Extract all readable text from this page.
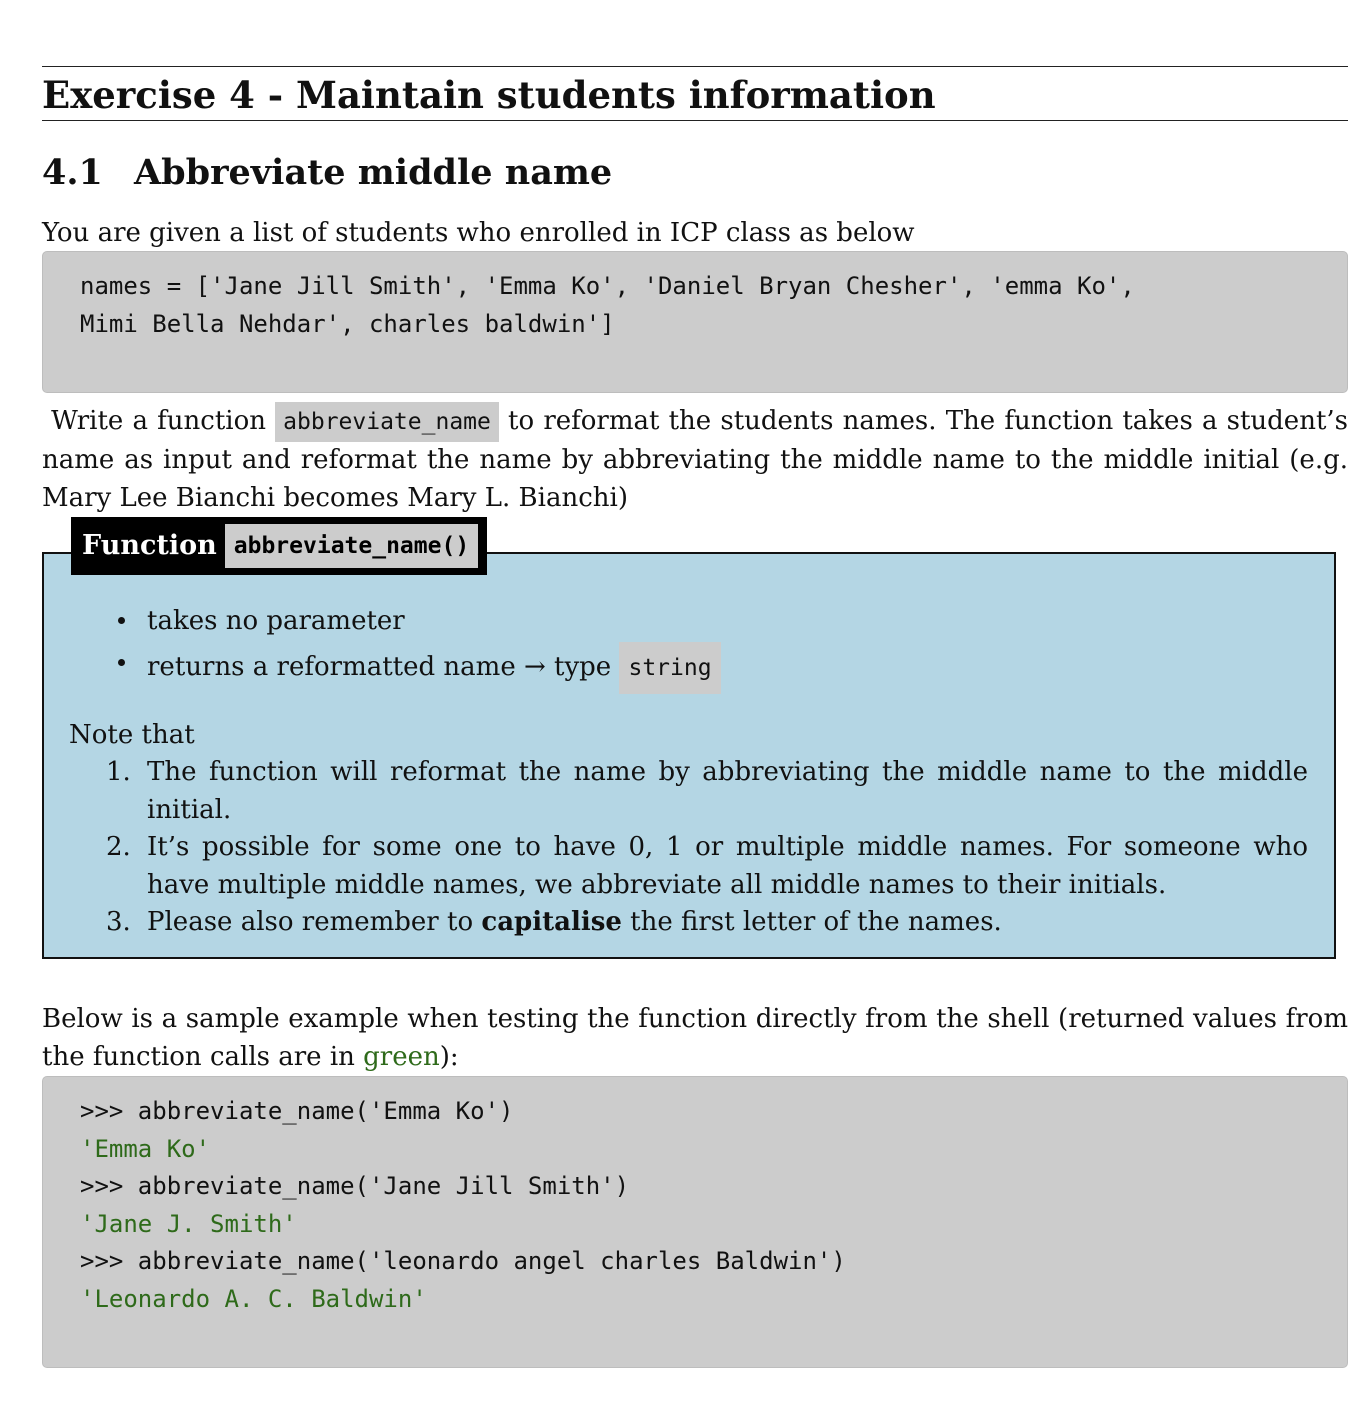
Exercise 4 - Maintain students information
4.1 Abbreviate middle name

You are given a list of students who enrolled in ICP class as below

names = ['Jane Jill Smith', 'Emma Ko', 'Daniel Bryan Chesher', 'emma Ko',
Mimi Bella Nehdar', charles baldwin']

Write a function abbreviate_name to reformat the students names. The function takes a student’s name as input and reformat the name by abbreviating the middle name to the middle initial (e.g. Mary Lee Bianchi becomes Mary L. Bianchi)

Function abbreviate_name()
takes no parameter
returns a reformatted name → type string

Note that

1. The function will reformat the name by abbreviating the middle name to the middle initial.
2. It’s possible for some one to have 0, 1 or multiple middle names. For someone who have multiple middle names, we abbreviate all middle names to their initials.
3. Please also remember to capitalise the first letter of the names.

Below is a sample example when testing the function directly from the shell (returned values from the function calls are in green):

>>> abbreviate_name('Emma Ko')
'Emma Ko'
>>> abbreviate_name('Jane Jill Smith')
'Jane J. Smith'
>>> abbreviate_name('leonardo angel charles Baldwin')
'Leonardo A. C. Baldwin'
